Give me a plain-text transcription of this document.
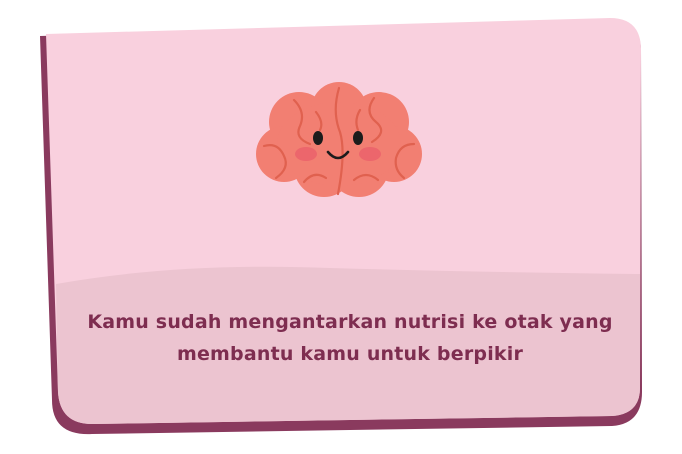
Kamu sudah mengantarkan nutrisi ke otak yang
membantu kamu untuk berpikir
